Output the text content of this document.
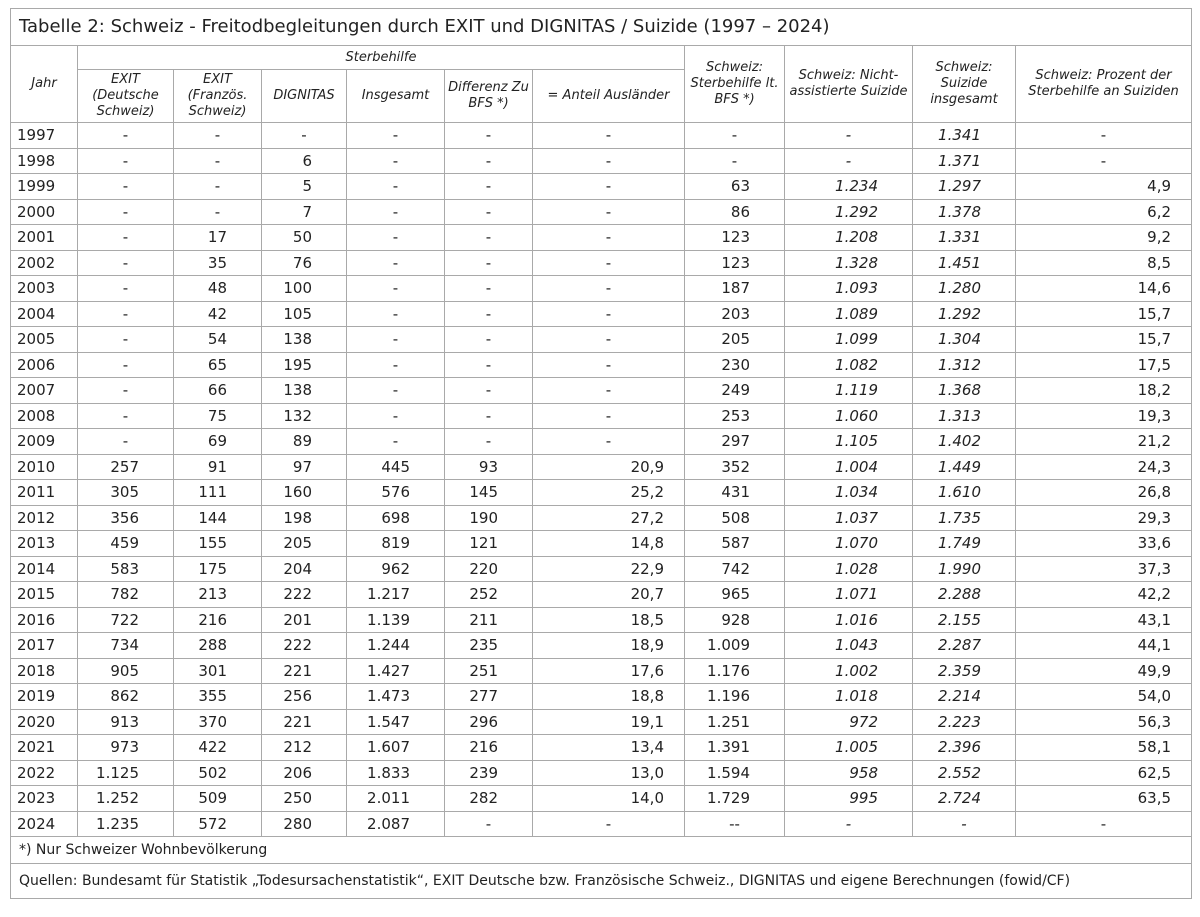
Tabelle 2: Schweiz - Freitodbegleitungen durch EXIT und DIGNITAS / Suizide (1997 – 2024)										
Jahr	Sterbehilfe						Schweiz: Sterbehilfe lt. BFS *)	Schweiz: Nicht-assistierte Suizide	Schweiz: Suizide insgesamt	Schweiz: Prozent der Sterbehilfe an Suiziden
	EXIT (Deutsche Schweiz)	EXIT (Französ. Schweiz)	DIGNITAS	Insgesamt	Differenz Zu BFS *)	= Anteil Ausländer				
1997	-	-	-	-	-	-	-	-	1.341	-
1998	-	-	6	-	-	-	-	-	1.371	-
1999	-	-	5	-	-	-	63	1.234	1.297	4,9
2000	-	-	7	-	-	-	86	1.292	1.378	6,2
2001	-	17	50	-	-	-	123	1.208	1.331	9,2
2002	-	35	76	-	-	-	123	1.328	1.451	8,5
2003	-	48	100	-	-	-	187	1.093	1.280	14,6
2004	-	42	105	-	-	-	203	1.089	1.292	15,7
2005	-	54	138	-	-	-	205	1.099	1.304	15,7
2006	-	65	195	-	-	-	230	1.082	1.312	17,5
2007	-	66	138	-	-	-	249	1.119	1.368	18,2
2008	-	75	132	-	-	-	253	1.060	1.313	19,3
2009	-	69	89	-	-	-	297	1.105	1.402	21,2
2010	257	91	97	445	93	20,9	352	1.004	1.449	24,3
2011	305	111	160	576	145	25,2	431	1.034	1.610	26,8
2012	356	144	198	698	190	27,2	508	1.037	1.735	29,3
2013	459	155	205	819	121	14,8	587	1.070	1.749	33,6
2014	583	175	204	962	220	22,9	742	1.028	1.990	37,3
2015	782	213	222	1.217	252	20,7	965	1.071	2.288	42,2
2016	722	216	201	1.139	211	18,5	928	1.016	2.155	43,1
2017	734	288	222	1.244	235	18,9	1.009	1.043	2.287	44,1
2018	905	301	221	1.427	251	17,6	1.176	1.002	2.359	49,9
2019	862	355	256	1.473	277	18,8	1.196	1.018	2.214	54,0
2020	913	370	221	1.547	296	19,1	1.251	972	2.223	56,3
2021	973	422	212	1.607	216	13,4	1.391	1.005	2.396	58,1
2022	1.125	502	206	1.833	239	13,0	1.594	958	2.552	62,5
2023	1.252	509	250	2.011	282	14,0	1.729	995	2.724	63,5
2024	1.235	572	280	2.087	-	-	--	-	-	-
*) Nur Schweizer Wohnbevölkerung										
Quellen: Bundesamt für Statistik „Todesursachenstatistik“, EXIT Deutsche bzw. Französische Schweiz., DIGNITAS und eigene Berechnungen (fowid/CF)										
